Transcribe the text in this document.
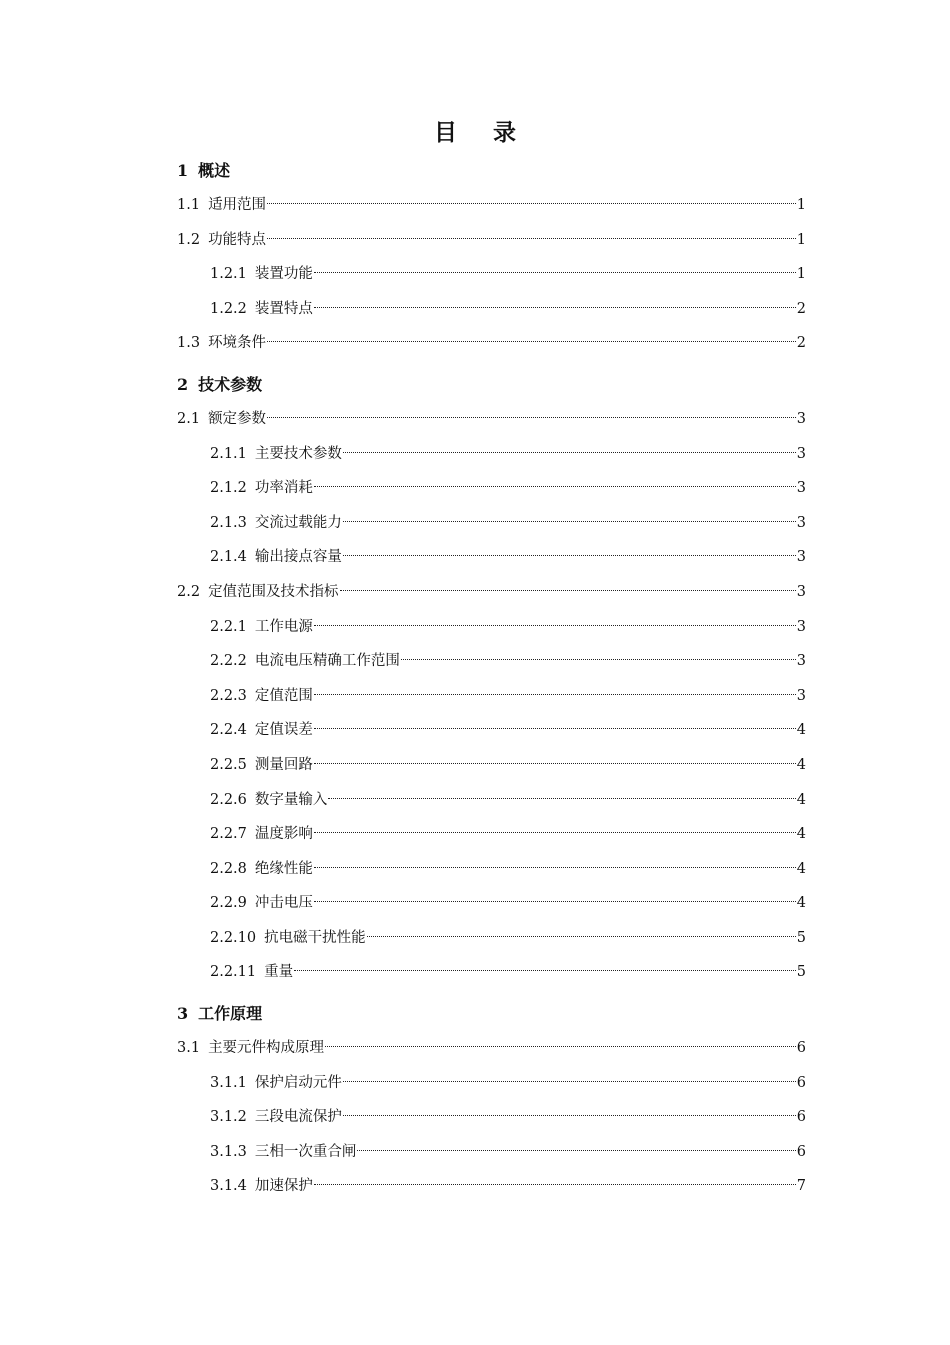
目 录
1 概述
1.1 适用范围	1
1.2 功能特点	1
1.2.1 装置功能	1
1.2.2 装置特点	2
1.3 环境条件	2
2 技术参数
2.1 额定参数	3
2.1.1 主要技术参数	3
2.1.2 功率消耗	3
2.1.3 交流过载能力	3
2.1.4 输出接点容量	3
2.2 定值范围及技术指标	3
2.2.1 工作电源	3
2.2.2 电流电压精确工作范围	3
2.2.3 定值范围	3
2.2.4 定值误差	4
2.2.5 测量回路	4
2.2.6 数字量输入	4
2.2.7 温度影响	4
2.2.8 绝缘性能	4
2.2.9 冲击电压	4
2.2.10 抗电磁干扰性能	5
2.2.11 重量	5
3 工作原理
3.1 主要元件构成原理	6
3.1.1 保护启动元件	6
3.1.2 三段电流保护	6
3.1.3 三相一次重合闸	6
3.1.4 加速保护	7
